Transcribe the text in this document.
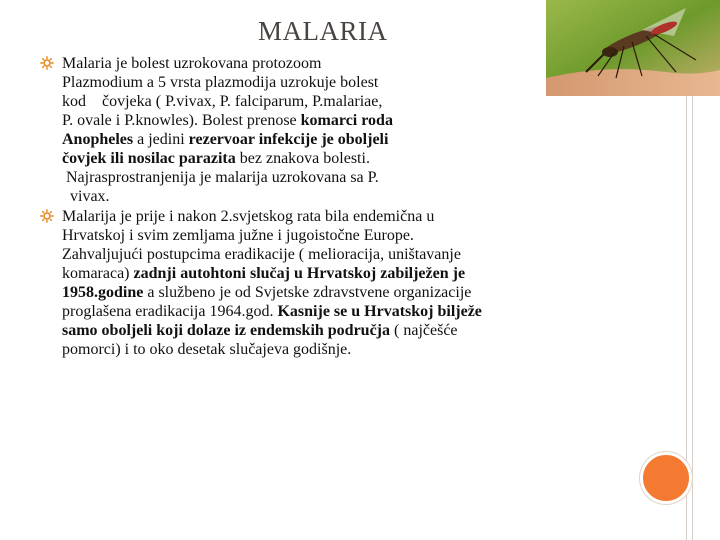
MALARIA
Malaria je bolest uzrokovana protozoom
Plazmodium a 5 vrsta plazmodija uzrokuje bolest
kod    čovjeka ( P.vivax, P. falciparum, P.malariae,
P. ovale i P.knowles). Bolest prenose komarci roda
Anopheles a jedini rezervoar infekcije je oboljeli
čovjek ili nosilac parazita bez znakova bolesti.
Najrasprostranjenija je malarija uzrokovana sa P.
vivax.
Malarija je prije i nakon 2.svjetskog rata bila endemična u
Hrvatskoj i svim zemljama južne i jugoistočne Europe.
Zahvaljujući postupcima eradikacije ( melioracija, uništavanje
komaraca) zadnji autohtoni slučaj u Hrvatskoj zabilježen je
1958.godine a službeno je od Svjetske zdravstvene organizacije
proglašena eradikacija 1964.god. Kasnije se u Hrvatskoj bilježe
samo oboljeli koji dolaze iz endemskih područja ( najčešće
pomorci) i to oko desetak slučajeva godišnje.
